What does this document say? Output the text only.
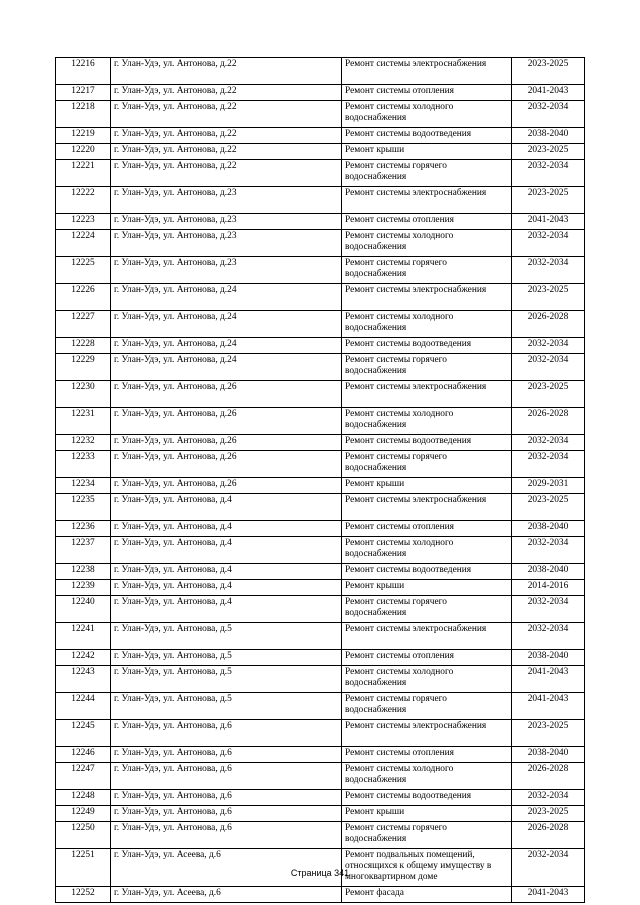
12216	г. Улан-Удэ, ул. Антонова, д.22	Ремонт системы электроснабжения	2023-2025
12217	г. Улан-Удэ, ул. Антонова, д.22	Ремонт системы отопления	2041-2043
12218	г. Улан-Удэ, ул. Антонова, д.22	Ремонт системы холодного водоснабжения	2032-2034
12219	г. Улан-Удэ, ул. Антонова, д.22	Ремонт системы водоотведения	2038-2040
12220	г. Улан-Удэ, ул. Антонова, д.22	Ремонт крыши	2023-2025
12221	г. Улан-Удэ, ул. Антонова, д.22	Ремонт системы горячего водоснабжения	2032-2034
12222	г. Улан-Удэ, ул. Антонова, д.23	Ремонт системы электроснабжения	2023-2025
12223	г. Улан-Удэ, ул. Антонова, д.23	Ремонт системы отопления	2041-2043
12224	г. Улан-Удэ, ул. Антонова, д.23	Ремонт системы холодного водоснабжения	2032-2034
12225	г. Улан-Удэ, ул. Антонова, д.23	Ремонт системы горячего водоснабжения	2032-2034
12226	г. Улан-Удэ, ул. Антонова, д.24	Ремонт системы электроснабжения	2023-2025
12227	г. Улан-Удэ, ул. Антонова, д.24	Ремонт системы холодного водоснабжения	2026-2028
12228	г. Улан-Удэ, ул. Антонова, д.24	Ремонт системы водоотведения	2032-2034
12229	г. Улан-Удэ, ул. Антонова, д.24	Ремонт системы горячего водоснабжения	2032-2034
12230	г. Улан-Удэ, ул. Антонова, д.26	Ремонт системы электроснабжения	2023-2025
12231	г. Улан-Удэ, ул. Антонова, д.26	Ремонт системы холодного водоснабжения	2026-2028
12232	г. Улан-Удэ, ул. Антонова, д.26	Ремонт системы водоотведения	2032-2034
12233	г. Улан-Удэ, ул. Антонова, д.26	Ремонт системы горячего водоснабжения	2032-2034
12234	г. Улан-Удэ, ул. Антонова, д.26	Ремонт крыши	2029-2031
12235	г. Улан-Удэ, ул. Антонова, д.4	Ремонт системы электроснабжения	2023-2025
12236	г. Улан-Удэ, ул. Антонова, д.4	Ремонт системы отопления	2038-2040
12237	г. Улан-Удэ, ул. Антонова, д.4	Ремонт системы холодного водоснабжения	2032-2034
12238	г. Улан-Удэ, ул. Антонова, д.4	Ремонт системы водоотведения	2038-2040
12239	г. Улан-Удэ, ул. Антонова, д.4	Ремонт крыши	2014-2016
12240	г. Улан-Удэ, ул. Антонова, д.4	Ремонт системы горячего водоснабжения	2032-2034
12241	г. Улан-Удэ, ул. Антонова, д.5	Ремонт системы электроснабжения	2032-2034
12242	г. Улан-Удэ, ул. Антонова, д.5	Ремонт системы отопления	2038-2040
12243	г. Улан-Удэ, ул. Антонова, д.5	Ремонт системы холодного водоснабжения	2041-2043
12244	г. Улан-Удэ, ул. Антонова, д.5	Ремонт системы горячего водоснабжения	2041-2043
12245	г. Улан-Удэ, ул. Антонова, д.6	Ремонт системы электроснабжения	2023-2025
12246	г. Улан-Удэ, ул. Антонова, д.6	Ремонт системы отопления	2038-2040
12247	г. Улан-Удэ, ул. Антонова, д.6	Ремонт системы холодного водоснабжения	2026-2028
12248	г. Улан-Удэ, ул. Антонова, д.6	Ремонт системы водоотведения	2032-2034
12249	г. Улан-Удэ, ул. Антонова, д.6	Ремонт крыши	2023-2025
12250	г. Улан-Удэ, ул. Антонова, д.6	Ремонт системы горячего водоснабжения	2026-2028
12251	г. Улан-Удэ, ул. Асеева, д.6	Ремонт подвальных помещений, относящихся к общему имуществу в многоквартирном доме	2032-2034
12252	г. Улан-Удэ, ул. Асеева, д.6	Ремонт фасада	2041-2043
Страница 341
